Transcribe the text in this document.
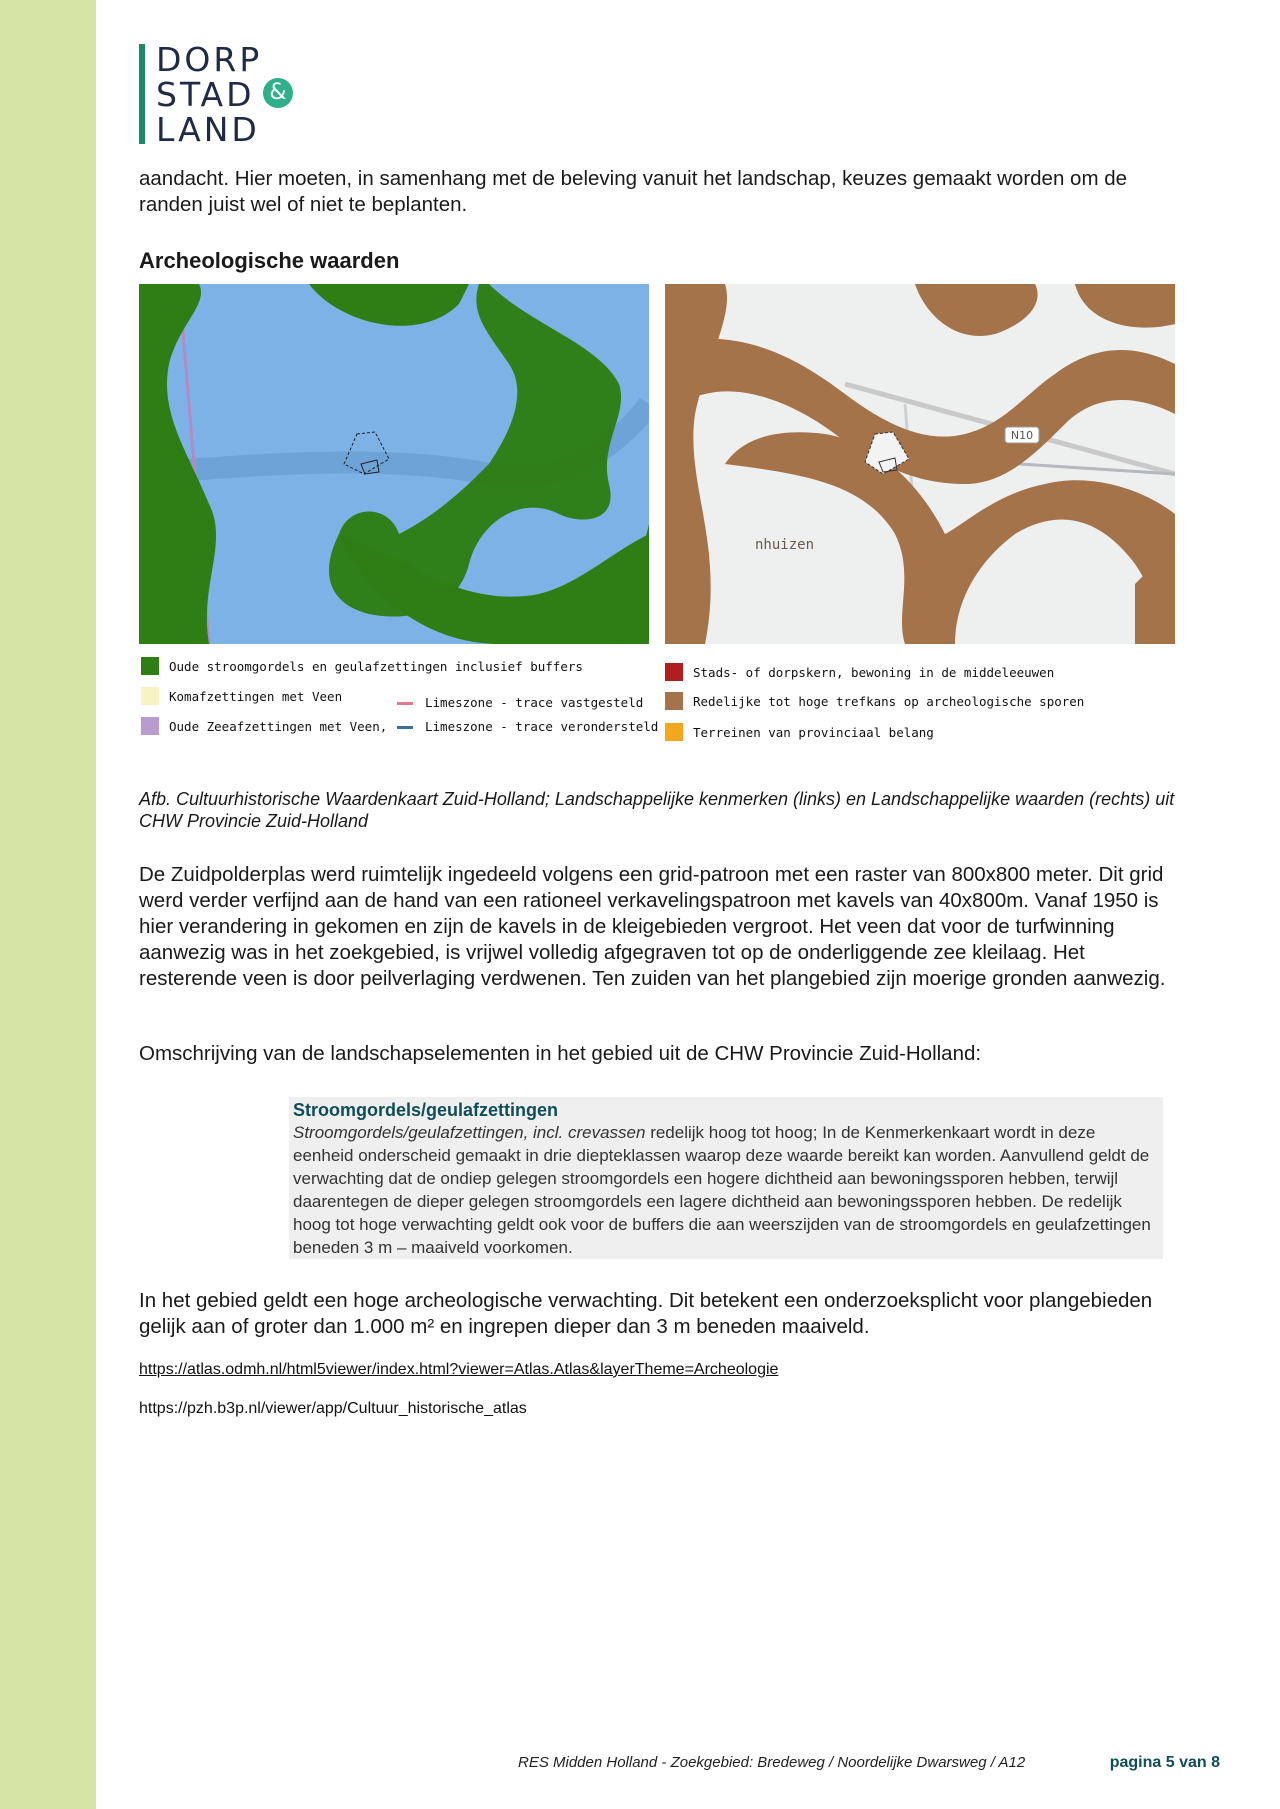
DORP
STAD &
LAND

aandacht. Hier moeten, in samenhang met de beleving vanuit het landschap, keuzes gemaakt worden om de randen juist wel of niet te beplanten.

Archeologische waarden
N10
nhuizen
Oude stroomgordels en geulafzettingen inclusief buffers
Komafzettingen met Veen
Oude Zeeafzettingen met Veen,
Limeszone - trace vastgesteld
Limeszone - trace verondersteld
Stads- of dorpskern, bewoning in de middeleeuwen
Redelijke tot hoge trefkans op archeologische sporen
Terreinen van provinciaal belang
Afb. Cultuurhistorische Waardenkaart Zuid-Holland; Landschappelijke kenmerken (links) en Landschappelijke waarden (rechts) uit CHW Provincie Zuid-Holland

De Zuidpolderplas werd ruimtelijk ingedeeld volgens een grid-patroon met een raster van 800x800 meter. Dit grid werd verder verfijnd aan de hand van een rationeel verkavelingspatroon met kavels van 40x800m. Vanaf 1950 is hier verandering in gekomen en zijn de kavels in de kleigebieden vergroot. Het veen dat voor de turfwinning aanwezig was in het zoekgebied, is vrijwel volledig afgegraven tot op de onderliggende zee kleilaag. Het resterende veen is door peilverlaging verdwenen. Ten zuiden van het plangebied zijn moerige gronden aanwezig.

Omschrijving van de landschapselementen in het gebied uit de CHW Provincie Zuid-Holland:

Stroomgordels/geulafzettingen
Stroomgordels/geulafzettingen, incl. crevassen redelijk hoog tot hoog; In de Kenmerkenkaart wordt in deze eenheid onderscheid gemaakt in drie diepteklassen waarop deze waarde bereikt kan worden. Aanvullend geldt de verwachting dat de ondiep gelegen stroomgordels een hogere dichtheid aan bewoningssporen hebben, terwijl daarentegen de dieper gelegen stroomgordels een lagere dichtheid aan bewoningssporen hebben. De redelijk hoog tot hoge verwachting geldt ook voor de buffers die aan weerszijden van de stroomgordels en geulafzettingen beneden 3 m – maaiveld voorkomen.

In het gebied geldt een hoge archeologische verwachting. Dit betekent een onderzoeksplicht voor plangebieden gelijk aan of groter dan 1.000 m² en ingrepen dieper dan 3 m beneden maaiveld.

https://atlas.odmh.nl/html5viewer/index.html?viewer=Atlas.Atlas&layerTheme=Archeologie
https://pzh.b3p.nl/viewer/app/Cultuur_historische_atlas
RES Midden Holland - Zoekgebied: Bredeweg / Noordelijke Dwarsweg / A12	pagina 5 van 8
